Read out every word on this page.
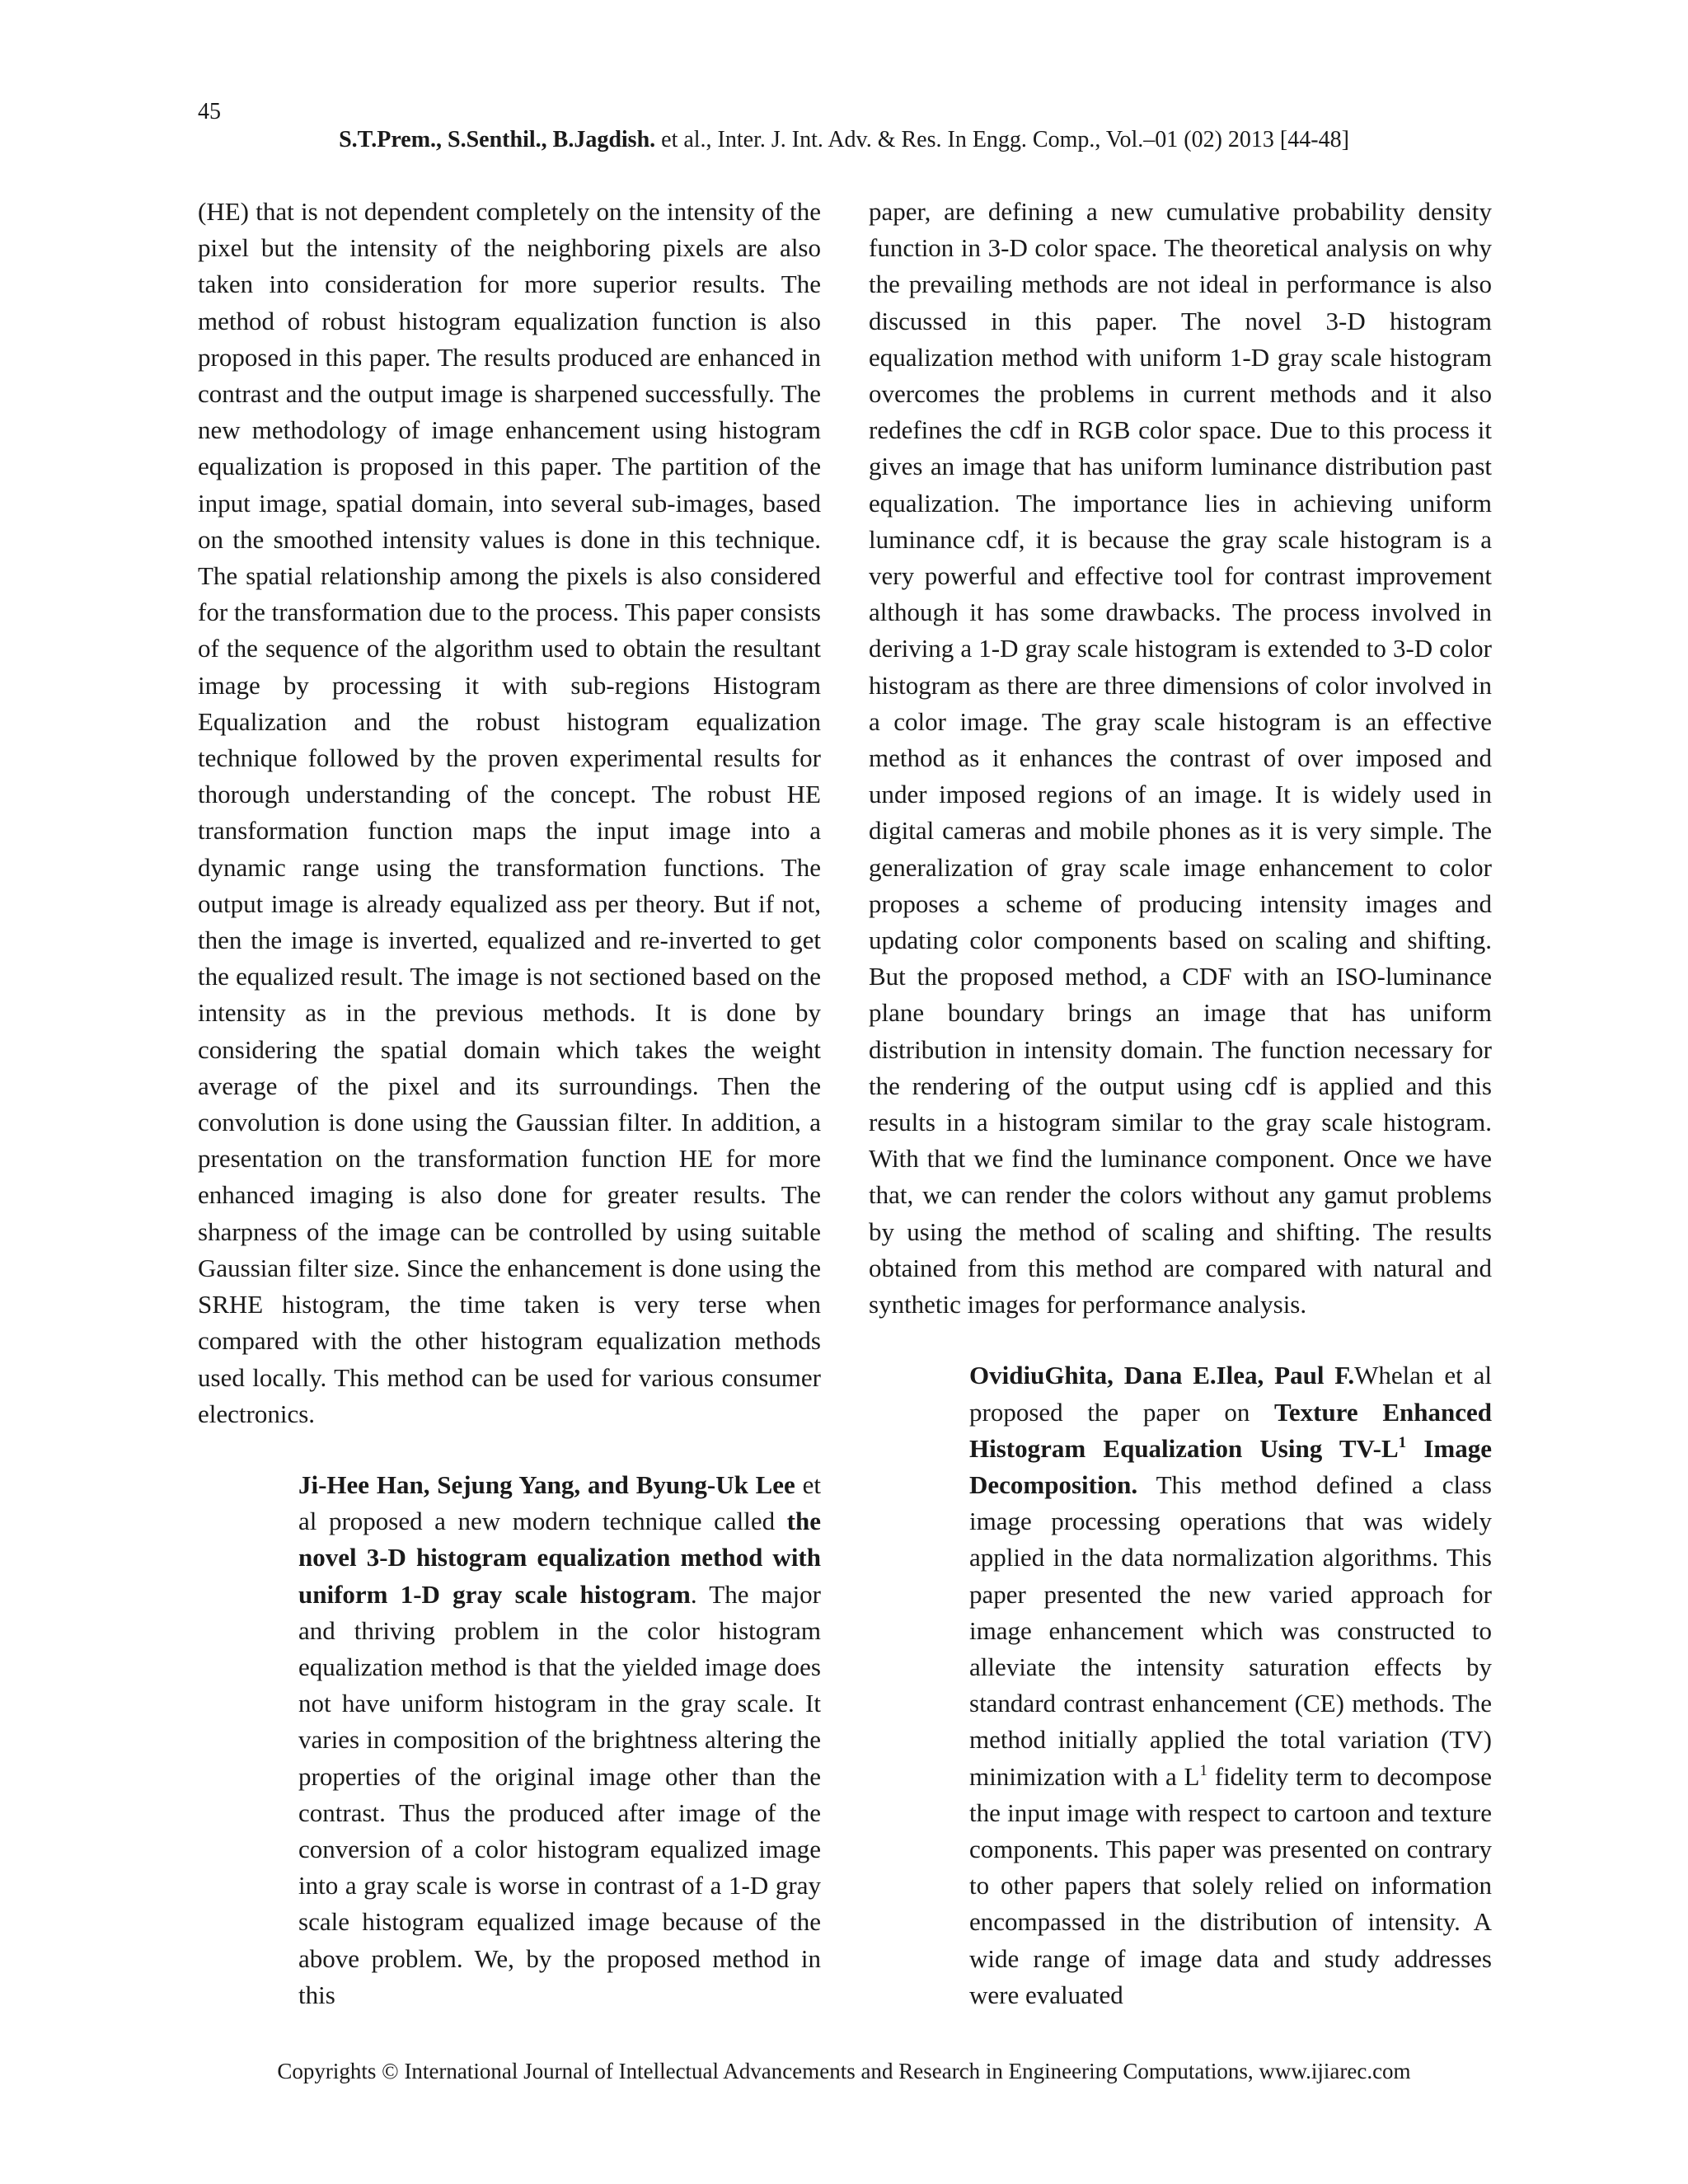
45
S.T.Prem., S.Senthil., B.Jagdish. et al., Inter. J. Int. Adv. & Res. In Engg. Comp., Vol.–01 (02) 2013 [44-48]

(HE) that is not dependent completely on the intensity of the pixel but the intensity of the neighboring pixels are also taken into consideration for more superior results. The method of robust histogram equalization function is also proposed in this paper. The results produced are enhanced in contrast and the output image is sharpened successfully. The new methodology of image enhancement using histogram equalization is proposed in this paper. The partition of the input image, spatial domain, into several sub-images, based on the smoothed intensity values is done in this technique. The spatial relationship among the pixels is also considered for the transformation due to the process. This paper consists of the sequence of the algorithm used to obtain the resultant image by processing it with sub-regions Histogram Equalization and the robust histogram equalization technique followed by the proven experimental results for thorough understanding of the concept. The robust HE transformation function maps the input image into a dynamic range using the transformation functions. The output image is already equalized ass per theory. But if not, then the image is inverted, equalized and re-inverted to get the equalized result. The image is not sectioned based on the intensity as in the previous methods. It is done by considering the spatial domain which takes the weight average of the pixel and its surroundings. Then the convolution is done using the Gaussian filter. In addition, a presentation on the transformation function HE for more enhanced imaging is also done for greater results. The sharpness of the image can be controlled by using suitable Gaussian filter size. Since the enhancement is done using the SRHE histogram, the time taken is very terse when compared with the other histogram equalization methods used locally. This method can be used for various consumer electronics.

Ji-Hee Han, Sejung Yang, and Byung-Uk Lee et al proposed a new modern technique called the novel 3-D histogram equalization method with uniform 1-D gray scale histogram. The major and thriving problem in the color histogram equalization method is that the yielded image does not have uniform histogram in the gray scale. It varies in composition of the brightness altering the properties of the original image other than the contrast. Thus the produced after image of the conversion of a color histogram equalized image into a gray scale is worse in contrast of a 1-D gray scale histogram equalized image because of the above problem. We, by the proposed method in this

paper, are defining a new cumulative probability density function in 3-D color space. The theoretical analysis on why the prevailing methods are not ideal in performance is also discussed in this paper. The novel 3-D histogram equalization method with uniform 1-D gray scale histogram overcomes the problems in current methods and it also redefines the cdf in RGB color space. Due to this process it gives an image that has uniform luminance distribution past equalization. The importance lies in achieving uniform luminance cdf, it is because the gray scale histogram is a very powerful and effective tool for contrast improvement although it has some drawbacks. The process involved in deriving a 1-D gray scale histogram is extended to 3-D color histogram as there are three dimensions of color involved in a color image. The gray scale histogram is an effective method as it enhances the contrast of over imposed and under imposed regions of an image. It is widely used in digital cameras and mobile phones as it is very simple. The generalization of gray scale image enhancement to color proposes a scheme of producing intensity images and updating color components based on scaling and shifting. But the proposed method, a CDF with an ISO-luminance plane boundary brings an image that has uniform distribution in intensity domain. The function necessary for the rendering of the output using cdf is applied and this results in a histogram similar to the gray scale histogram. With that we find the luminance component. Once we have that, we can render the colors without any gamut problems by using the method of scaling and shifting. The results obtained from this method are compared with natural and synthetic images for performance analysis.

OvidiuGhita, Dana E.Ilea, Paul F.Whelan et al proposed the paper on Texture Enhanced Histogram Equalization Using $TV-L^1$ Image Decomposition. This method defined a class image processing operations that was widely applied in the data normalization algorithms. This paper presented the new varied approach for image enhancement which was constructed to alleviate the intensity saturation effects by standard contrast enhancement (CE) methods. The method initially applied the total variation (TV) minimization with a $L^1$ fidelity term to decompose the input image with respect to cartoon and texture components. This paper was presented on contrary to other papers that solely relied on information encompassed in the distribution of intensity. A wide range of image data and study addresses were evaluated

Copyrights © International Journal of Intellectual Advancements and Research in Engineering Computations, www.ijiarec.com
